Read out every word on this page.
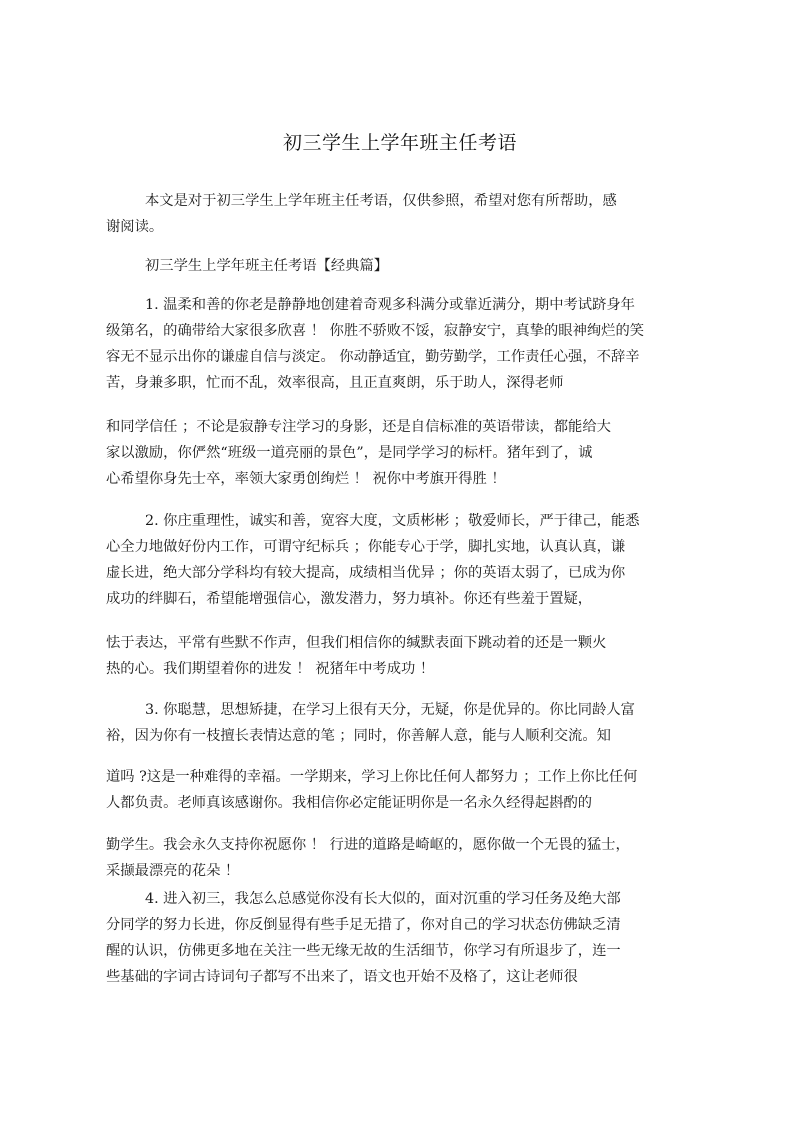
初三学生上学年班主任考语
本文是对于初三学生上学年班主任考语，仅供参照，希望对您有所帮助，感
谢阅读。
初三学生上学年班主任考语【经典篇】
1. 温柔和善的你老是静静地创建着奇观多科满分或靠近满分，期中考试跻身年
级第名，的确带给大家很多欣喜 ！ 你胜不骄败不馁，寂静安宁，真挚的眼神绚烂的笑
容无不显示出你的谦虚自信与淡定。 你动静适宜，勤劳勤学，工作责任心强，不辞辛
苦，身兼多职，忙而不乱，效率很高，且正直爽朗，乐于助人，深得老师
和同学信任 ；不论是寂静专注学习的身影，还是自信标准的英语带读，都能给大
家以激励，你俨然“班级一道亮丽的景色”，是同学学习的标杆。猪年到了，诚
心希望你身先士卒，率领大家勇创绚烂 ！ 祝你中考旗开得胜 ！
2. 你庄重理性，诚实和善，宽容大度，文质彬彬 ；敬爱师长，严于律己，能悉
心全力地做好份内工作，可谓守纪标兵 ；你能专心于学，脚扎实地，认真认真，谦
虚长进，绝大部分学科均有较大提高，成绩相当优异 ；你的英语太弱了，已成为你
成功的绊脚石，希望能增强信心，激发潜力，努力填补。你还有些羞于置疑，
怯于表达，平常有些默不作声，但我们相信你的缄默表面下跳动着的还是一颗火
热的心。我们期望着你的进发 ！ 祝猪年中考成功 ！
3. 你聪慧，思想矫捷，在学习上很有天分，无疑，你是优异的。你比同龄人富
裕，因为你有一枝擅长表情达意的笔 ；同时，你善解人意，能与人顺利交流。知
道吗 ?这是一种难得的幸福。一学期来，学习上你比任何人都努力 ；工作上你比任何
人都负责。老师真该感谢你。我相信你必定能证明你是一名永久经得起斟酌的
勤学生。我会永久支持你祝愿你 ！ 行进的道路是崎岖的，愿你做一个无畏的猛士，
采撷最漂亮的花朵 ！
4. 进入初三，我怎么总感觉你没有长大似的，面对沉重的学习任务及绝大部
分同学的努力长进，你反倒显得有些手足无措了，你对自己的学习状态仿佛缺乏清
醒的认识，仿佛更多地在关注一些无缘无故的生活细节，你学习有所退步了，连一
些基础的字词古诗词句子都写不出来了，语文也开始不及格了，这让老师很
